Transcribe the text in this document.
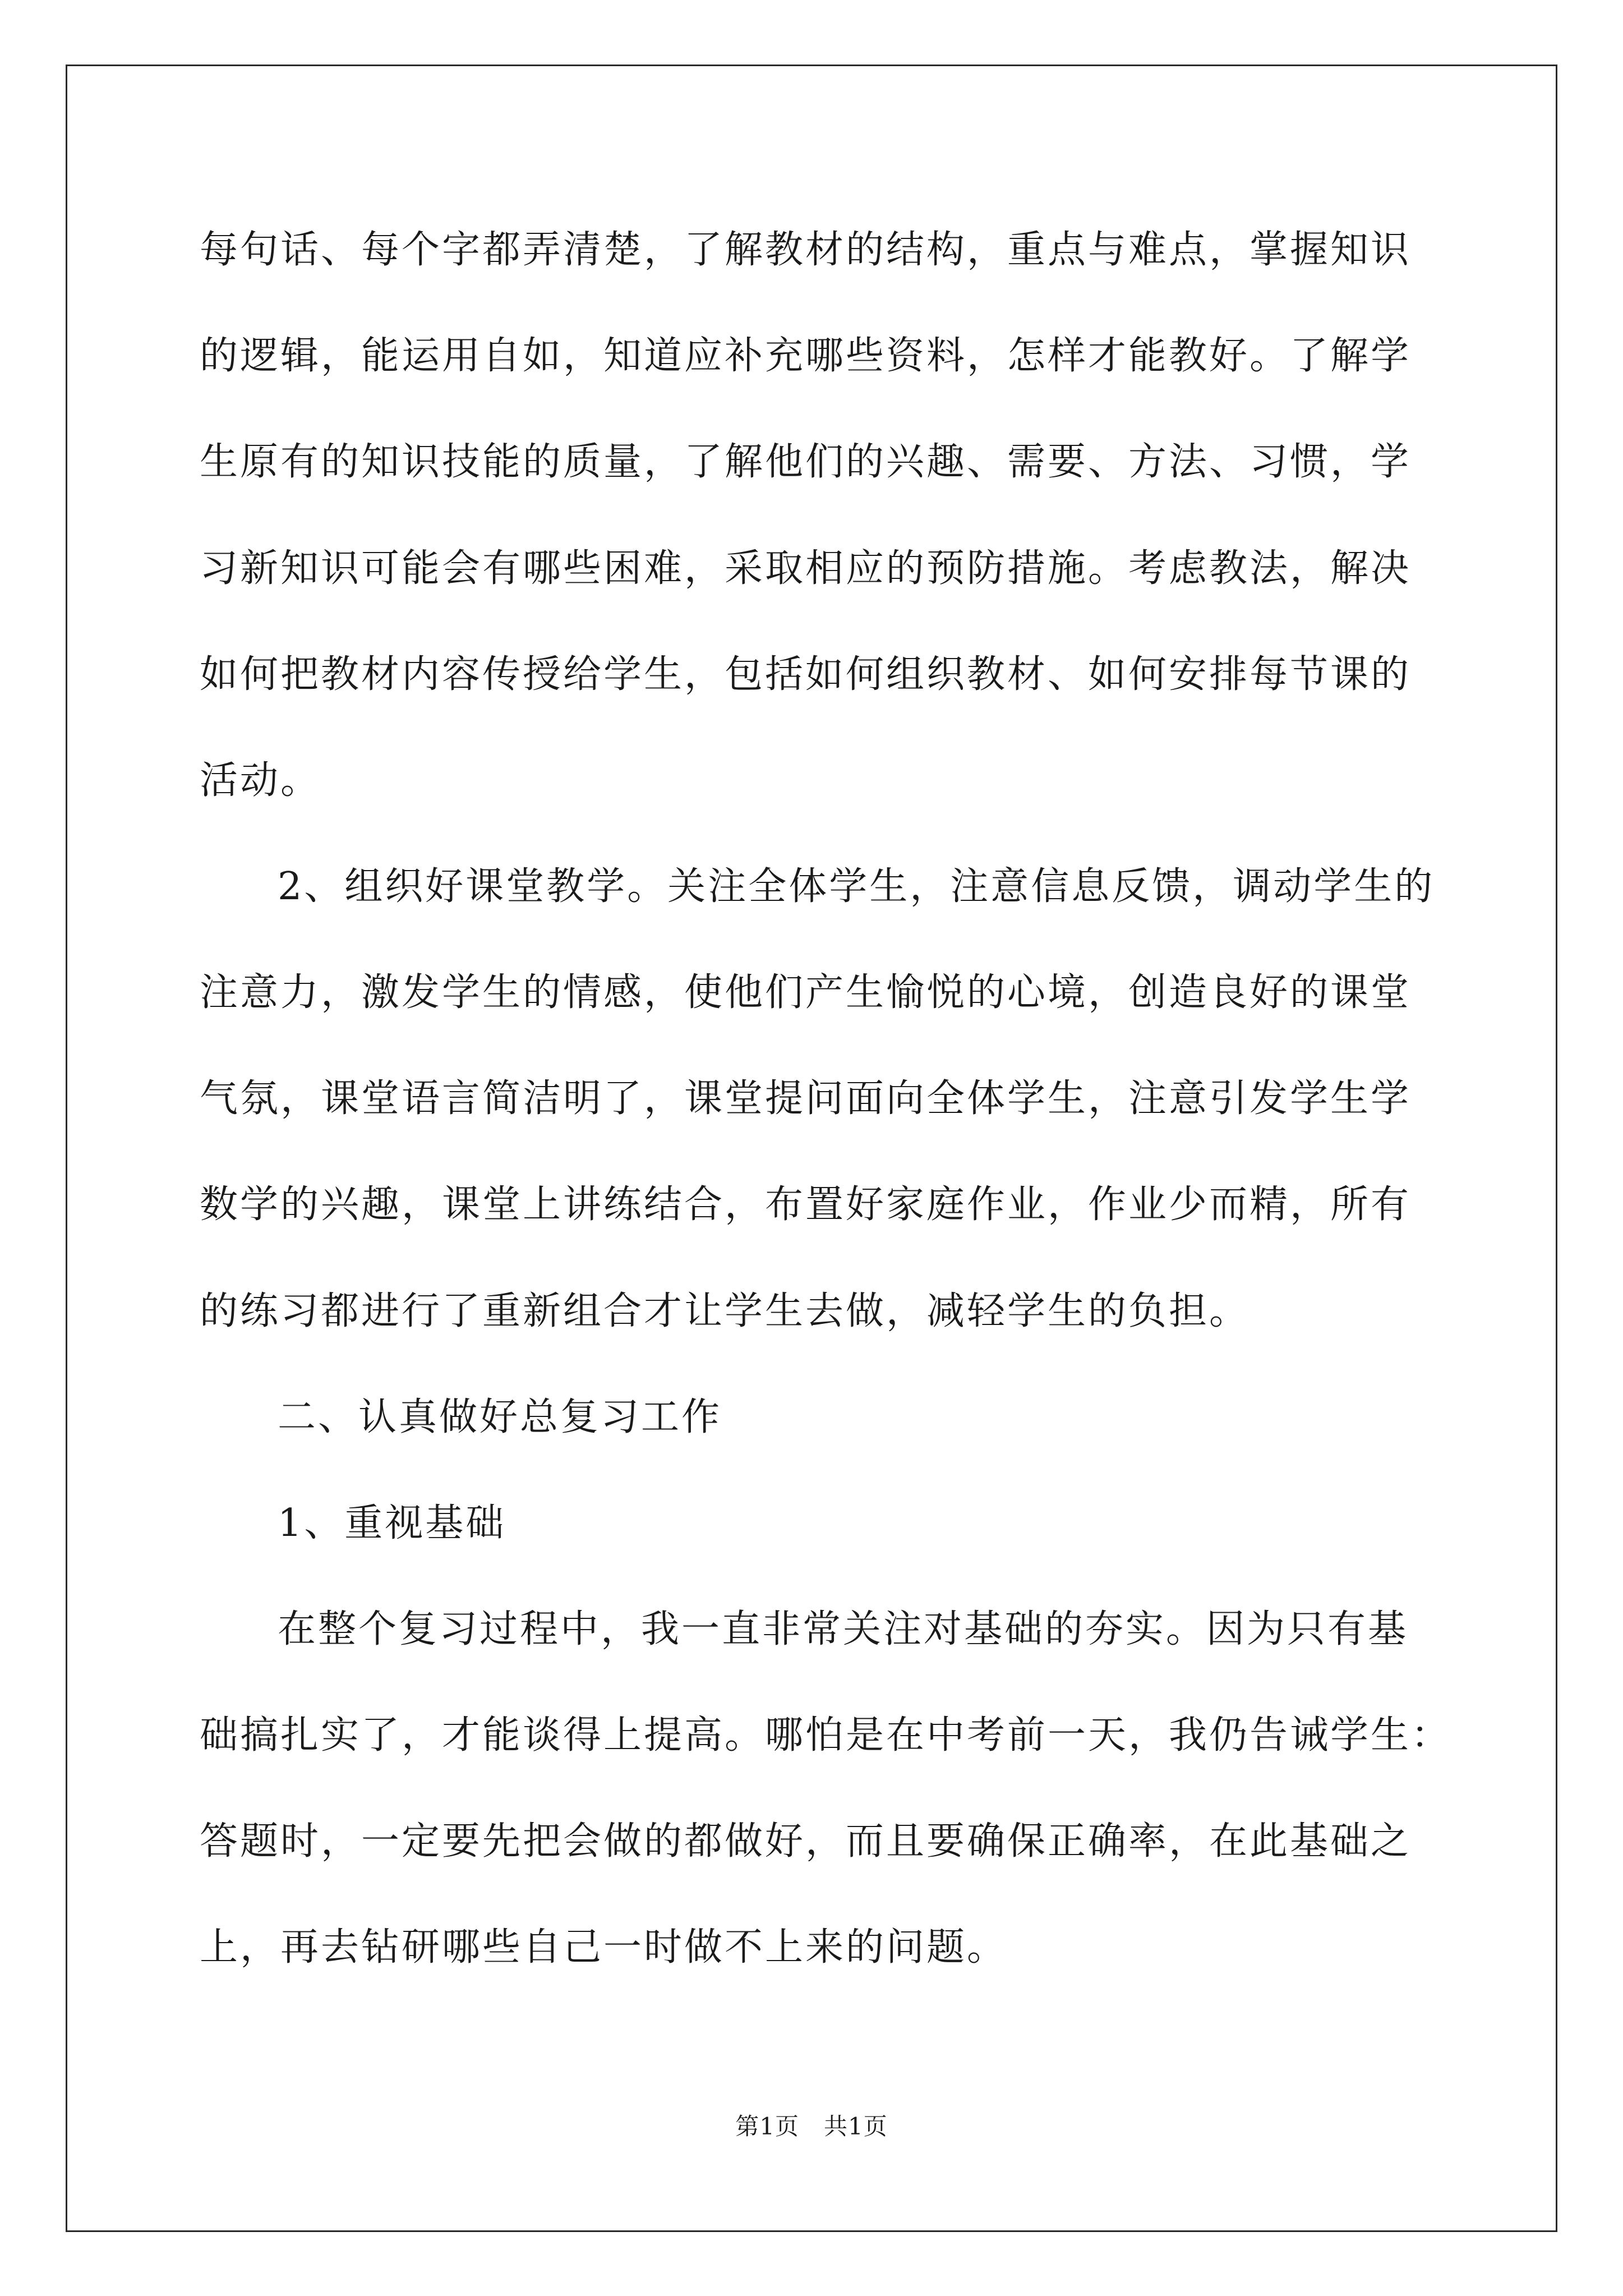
每句话、每个字都弄清楚，了解教材的结构，重点与难点，掌握知识
的逻辑，能运用自如，知道应补充哪些资料，怎样才能教好。了解学
生原有的知识技能的质量，了解他们的兴趣、需要、方法、习惯，学
习新知识可能会有哪些困难，采取相应的预防措施。考虑教法，解决
如何把教材内容传授给学生，包括如何组织教材、如何安排每节课的
活动。
2、组织好课堂教学。关注全体学生，注意信息反馈，调动学生的
注意力，激发学生的情感，使他们产生愉悦的心境，创造良好的课堂
气氛，课堂语言简洁明了，课堂提问面向全体学生，注意引发学生学
数学的兴趣，课堂上讲练结合，布置好家庭作业，作业少而精，所有
的练习都进行了重新组合才让学生去做，减轻学生的负担。
二、认真做好总复习工作
1、重视基础
在整个复习过程中，我一直非常关注对基础的夯实。因为只有基
础搞扎实了，才能谈得上提高。哪怕是在中考前一天，我仍告诫学生：
答题时，一定要先把会做的都做好，而且要确保正确率，在此基础之
上，再去钻研哪些自己一时做不上来的问题。
第1页 共1页
